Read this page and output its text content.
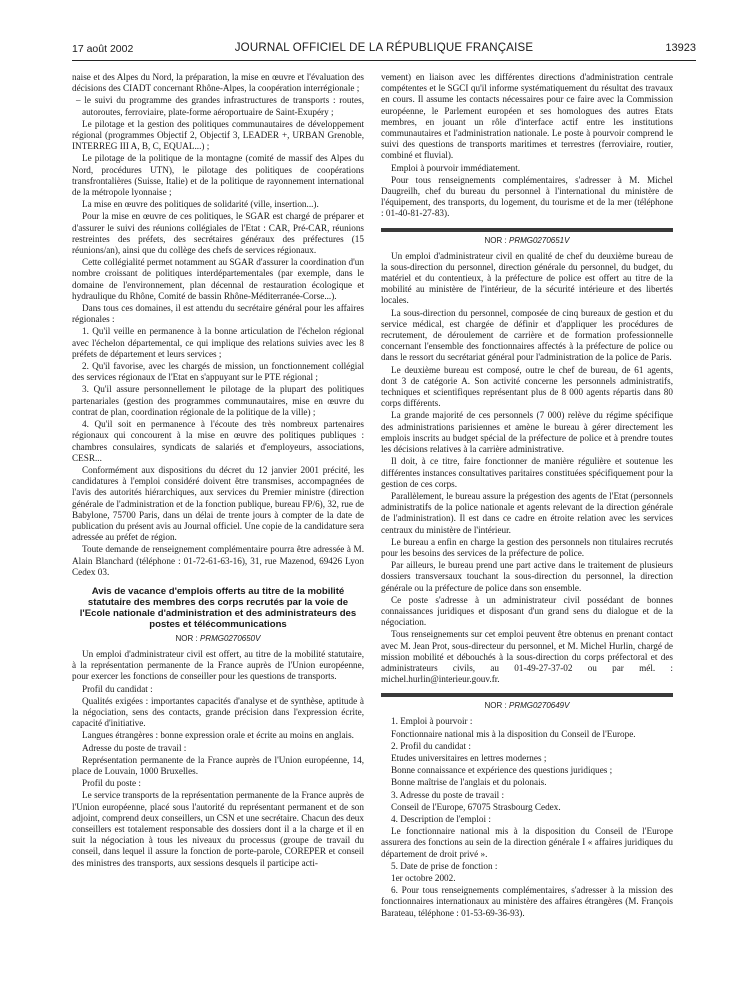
17 août 2002	JOURNAL OFFICIEL DE LA RÉPUBLIQUE FRANÇAISE	13923

naise et des Alpes du Nord, la préparation, la mise en œuvre et l'évaluation des décisions des CIADT concernant Rhône-Alpes, la coopération interrégionale ;

– le suivi du programme des grandes infrastructures de transports : routes, autoroutes, ferroviaire, plate-forme aéroportuaire de Saint-Exupéry ;

Le pilotage et la gestion des politiques communautaires de développement régional (programmes Objectif 2, Objectif 3, LEADER +, URBAN Grenoble, INTERREG III A, B, C, EQUAL...) ;

Le pilotage de la politique de la montagne (comité de massif des Alpes du Nord, procédures UTN), le pilotage des politiques de coopérations transfrontalières (Suisse, Italie) et de la politique de rayonnement international de la métropole lyonnaise ;

La mise en œuvre des politiques de solidarité (ville, insertion...).

Pour la mise en œuvre de ces politiques, le SGAR est chargé de préparer et d'assurer le suivi des réunions collégiales de l'Etat : CAR, Pré-CAR, réunions restreintes des préfets, des secrétaires généraux des préfectures (15 réunions/an), ainsi que du collège des chefs de services régionaux.

Cette collégialité permet notamment au SGAR d'assurer la coordination d'un nombre croissant de politiques interdépartementales (par exemple, dans le domaine de l'environnement, plan décennal de restauration écologique et hydraulique du Rhône, Comité de bassin Rhône-Méditerranée-Corse...).

Dans tous ces domaines, il est attendu du secrétaire général pour les affaires régionales :

1. Qu'il veille en permanence à la bonne articulation de l'échelon régional avec l'échelon départemental, ce qui implique des relations suivies avec les 8 préfets de département et leurs services ;

2. Qu'il favorise, avec les chargés de mission, un fonctionnement collégial des services régionaux de l'Etat en s'appuyant sur le PTE régional ;

3. Qu'il assure personnellement le pilotage de la plupart des politiques partenariales (gestion des programmes communautaires, mise en œuvre du contrat de plan, coordination régionale de la politique de la ville) ;

4. Qu'il soit en permanence à l'écoute des très nombreux partenaires régionaux qui concourent à la mise en œuvre des politiques publiques : chambres consulaires, syndicats de salariés et d'employeurs, associations, CESR...

Conformément aux dispositions du décret du 12 janvier 2001 précité, les candidatures à l'emploi considéré doivent être transmises, accompagnées de l'avis des autorités hiérarchiques, aux services du Premier ministre (direction générale de l'administration et de la fonction publique, bureau FP/6), 32, rue de Babylone, 75700 Paris, dans un délai de trente jours à compter de la date de publication du présent avis au Journal officiel. Une copie de la candidature sera adressée au préfet de région.

Toute demande de renseignement complémentaire pourra être adressée à M. Alain Blanchard (téléphone : 01-72-61-63-16), 31, rue Mazenod, 69426 Lyon Cedex 03.

Avis de vacance d'emplois offerts au titre de la mobilité statutaire des membres des corps recrutés par la voie de l'Ecole nationale d'administration et des administrateurs des postes et télécommunications
NOR : PRMG0270650V

Un emploi d'administrateur civil est offert, au titre de la mobilité statutaire, à la représentation permanente de la France auprès de l'Union européenne, pour exercer les fonctions de conseiller pour les questions de transports.

Profil du candidat :

Qualités exigées : importantes capacités d'analyse et de synthèse, aptitude à la négociation, sens des contacts, grande précision dans l'expression écrite, capacité d'initiative.

Langues étrangères : bonne expression orale et écrite au moins en anglais.

Adresse du poste de travail :

Représentation permanente de la France auprès de l'Union européenne, 14, place de Louvain, 1000 Bruxelles.

Profil du poste :

Le service transports de la représentation permanente de la France auprès de l'Union européenne, placé sous l'autorité du représentant permanent et de son adjoint, comprend deux conseillers, un CSN et une secrétaire. Chacun des deux conseillers est totalement responsable des dossiers dont il a la charge et il en suit la négociation à tous les niveaux du processus (groupe de travail du conseil, dans lequel il assure la fonction de porte-parole, COREPER et conseil des ministres des transports, aux sessions desquels il participe acti-

vement) en liaison avec les différentes directions d'administration centrale compétentes et le SGCI qu'il informe systématiquement du résultat des travaux en cours. Il assume les contacts nécessaires pour ce faire avec la Commission européenne, le Parlement européen et ses homologues des autres Etats membres, en jouant un rôle d'interface actif entre les institutions communautaires et l'administration nationale. Le poste à pourvoir comprend le suivi des questions de transports maritimes et terrestres (ferroviaire, routier, combiné et fluvial).

Emploi à pourvoir immédiatement.

Pour tous renseignements complémentaires, s'adresser à M. Michel Daugreilh, chef du bureau du personnel à l'international du ministère de l'équipement, des transports, du logement, du tourisme et de la mer (téléphone : 01-40-81-27-83).

NOR : PRMG0270651V

Un emploi d'administrateur civil en qualité de chef du deuxième bureau de la sous-direction du personnel, direction générale du personnel, du budget, du matériel et du contentieux, à la préfecture de police est offert au titre de la mobilité au ministère de l'intérieur, de la sécurité intérieure et des libertés locales.

La sous-direction du personnel, composée de cinq bureaux de gestion et du service médical, est chargée de définir et d'appliquer les procédures de recrutement, de déroulement de carrière et de formation professionnelle concernant l'ensemble des fonctionnaires affectés à la préfecture de police ou dans le ressort du secrétariat général pour l'administration de la police de Paris.

Le deuxième bureau est composé, outre le chef de bureau, de 61 agents, dont 3 de catégorie A. Son activité concerne les personnels administratifs, techniques et scientifiques représentant plus de 8 000 agents répartis dans 80 corps différents.

La grande majorité de ces personnels (7 000) relève du régime spécifique des administrations parisiennes et amène le bureau à gérer directement les emplois inscrits au budget spécial de la préfecture de police et à prendre toutes les décisions relatives à la carrière administrative.

Il doit, à ce titre, faire fonctionner de manière régulière et soutenue les différentes instances consultatives paritaires constituées spécifiquement pour la gestion de ces corps.

Parallèlement, le bureau assure la prégestion des agents de l'Etat (personnels administratifs de la police nationale et agents relevant de la direction générale de l'administration). Il est dans ce cadre en étroite relation avec les services centraux du ministère de l'intérieur.

Le bureau a enfin en charge la gestion des personnels non titulaires recrutés pour les besoins des services de la préfecture de police.

Par ailleurs, le bureau prend une part active dans le traitement de plusieurs dossiers transversaux touchant la sous-direction du personnel, la direction générale ou la préfecture de police dans son ensemble.

Ce poste s'adresse à un administrateur civil possédant de bonnes connaissances juridiques et disposant d'un grand sens du dialogue et de la négociation.

Tous renseignements sur cet emploi peuvent être obtenus en prenant contact avec M. Jean Prot, sous-directeur du personnel, et M. Michel Hurlin, chargé de mission mobilité et débouchés à la sous-direction du corps préfectoral et des administrateurs civils, au 01-49-27-37-02 ou par mél. : michel.hurlin@interieur.gouv.fr.

NOR : PRMG0270649V

1. Emploi à pourvoir :

Fonctionnaire national mis à la disposition du Conseil de l'Europe.

2. Profil du candidat :

Etudes universitaires en lettres modernes ;

Bonne connaissance et expérience des questions juridiques ;

Bonne maîtrise de l'anglais et du polonais.

3. Adresse du poste de travail :

Conseil de l'Europe, 67075 Strasbourg Cedex.

4. Description de l'emploi :

Le fonctionnaire national mis à la disposition du Conseil de l'Europe assurera des fonctions au sein de la direction générale I « affaires juridiques du département de droit privé ».

5. Date de prise de fonction :

1er octobre 2002.

6. Pour tous renseignements complémentaires, s'adresser à la mission des fonctionnaires internationaux au ministère des affaires étrangères (M. François Barateau, téléphone : 01-53-69-36-93).
